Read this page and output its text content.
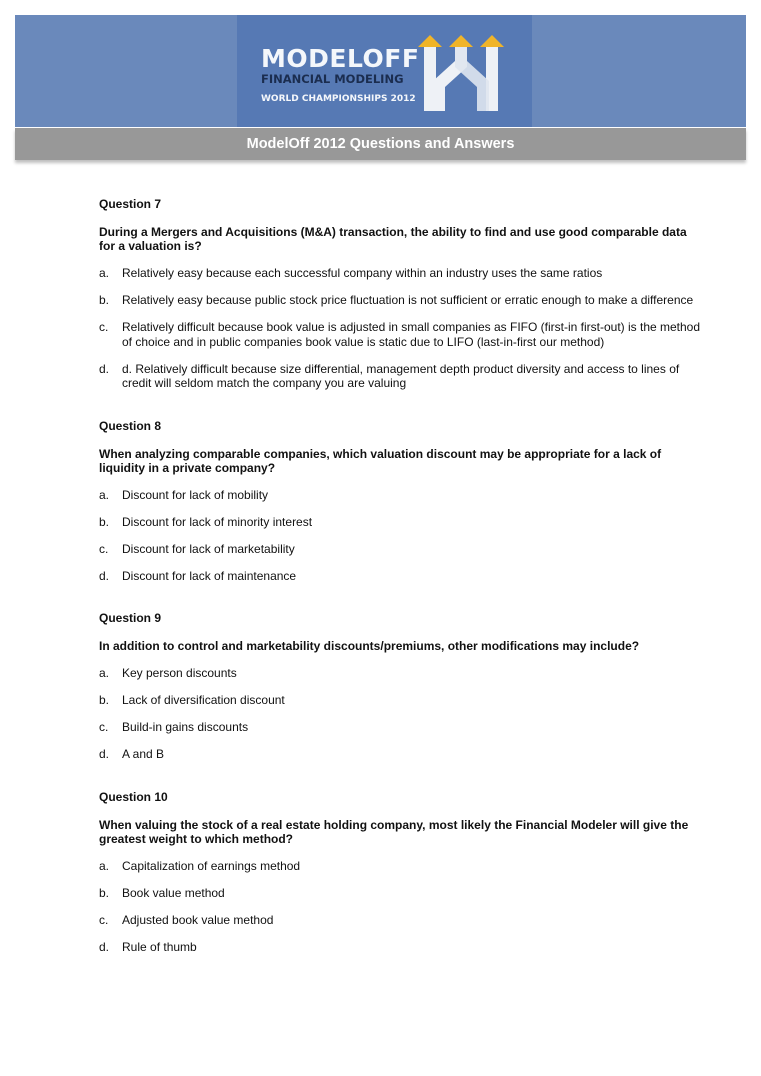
MODELOFF
FINANCIAL MODELING
WORLD CHAMPIONSHIPS 2012
ModelOff 2012 Questions and Answers
Question 7
During a Mergers and Acquisitions (M&A) transaction, the ability to find and use good comparable data for a valuation is?
a. Relatively easy because each successful company within an industry uses the same ratios
b. Relatively easy because public stock price fluctuation is not sufficient or erratic enough to make a difference
c. Relatively difficult because book value is adjusted in small companies as FIFO (first-in first-out) is the method of choice and in public companies book value is static due to LIFO (last-in-first our method)
d. d. Relatively difficult because size differential, management depth product diversity and access to lines of credit will seldom match the company you are valuing
Question 8
When analyzing comparable companies, which valuation discount may be appropriate for a lack of liquidity in a private company?
a. Discount for lack of mobility
b. Discount for lack of minority interest
c. Discount for lack of marketability
d. Discount for lack of maintenance
Question 9
In addition to control and marketability discounts/premiums, other modifications may include?
a. Key person discounts
b. Lack of diversification discount
c. Build-in gains discounts
d. A and B
Question 10
When valuing the stock of a real estate holding company, most likely the Financial Modeler will give the greatest weight to which method?
a. Capitalization of earnings method
b. Book value method
c. Adjusted book value method
d. Rule of thumb
